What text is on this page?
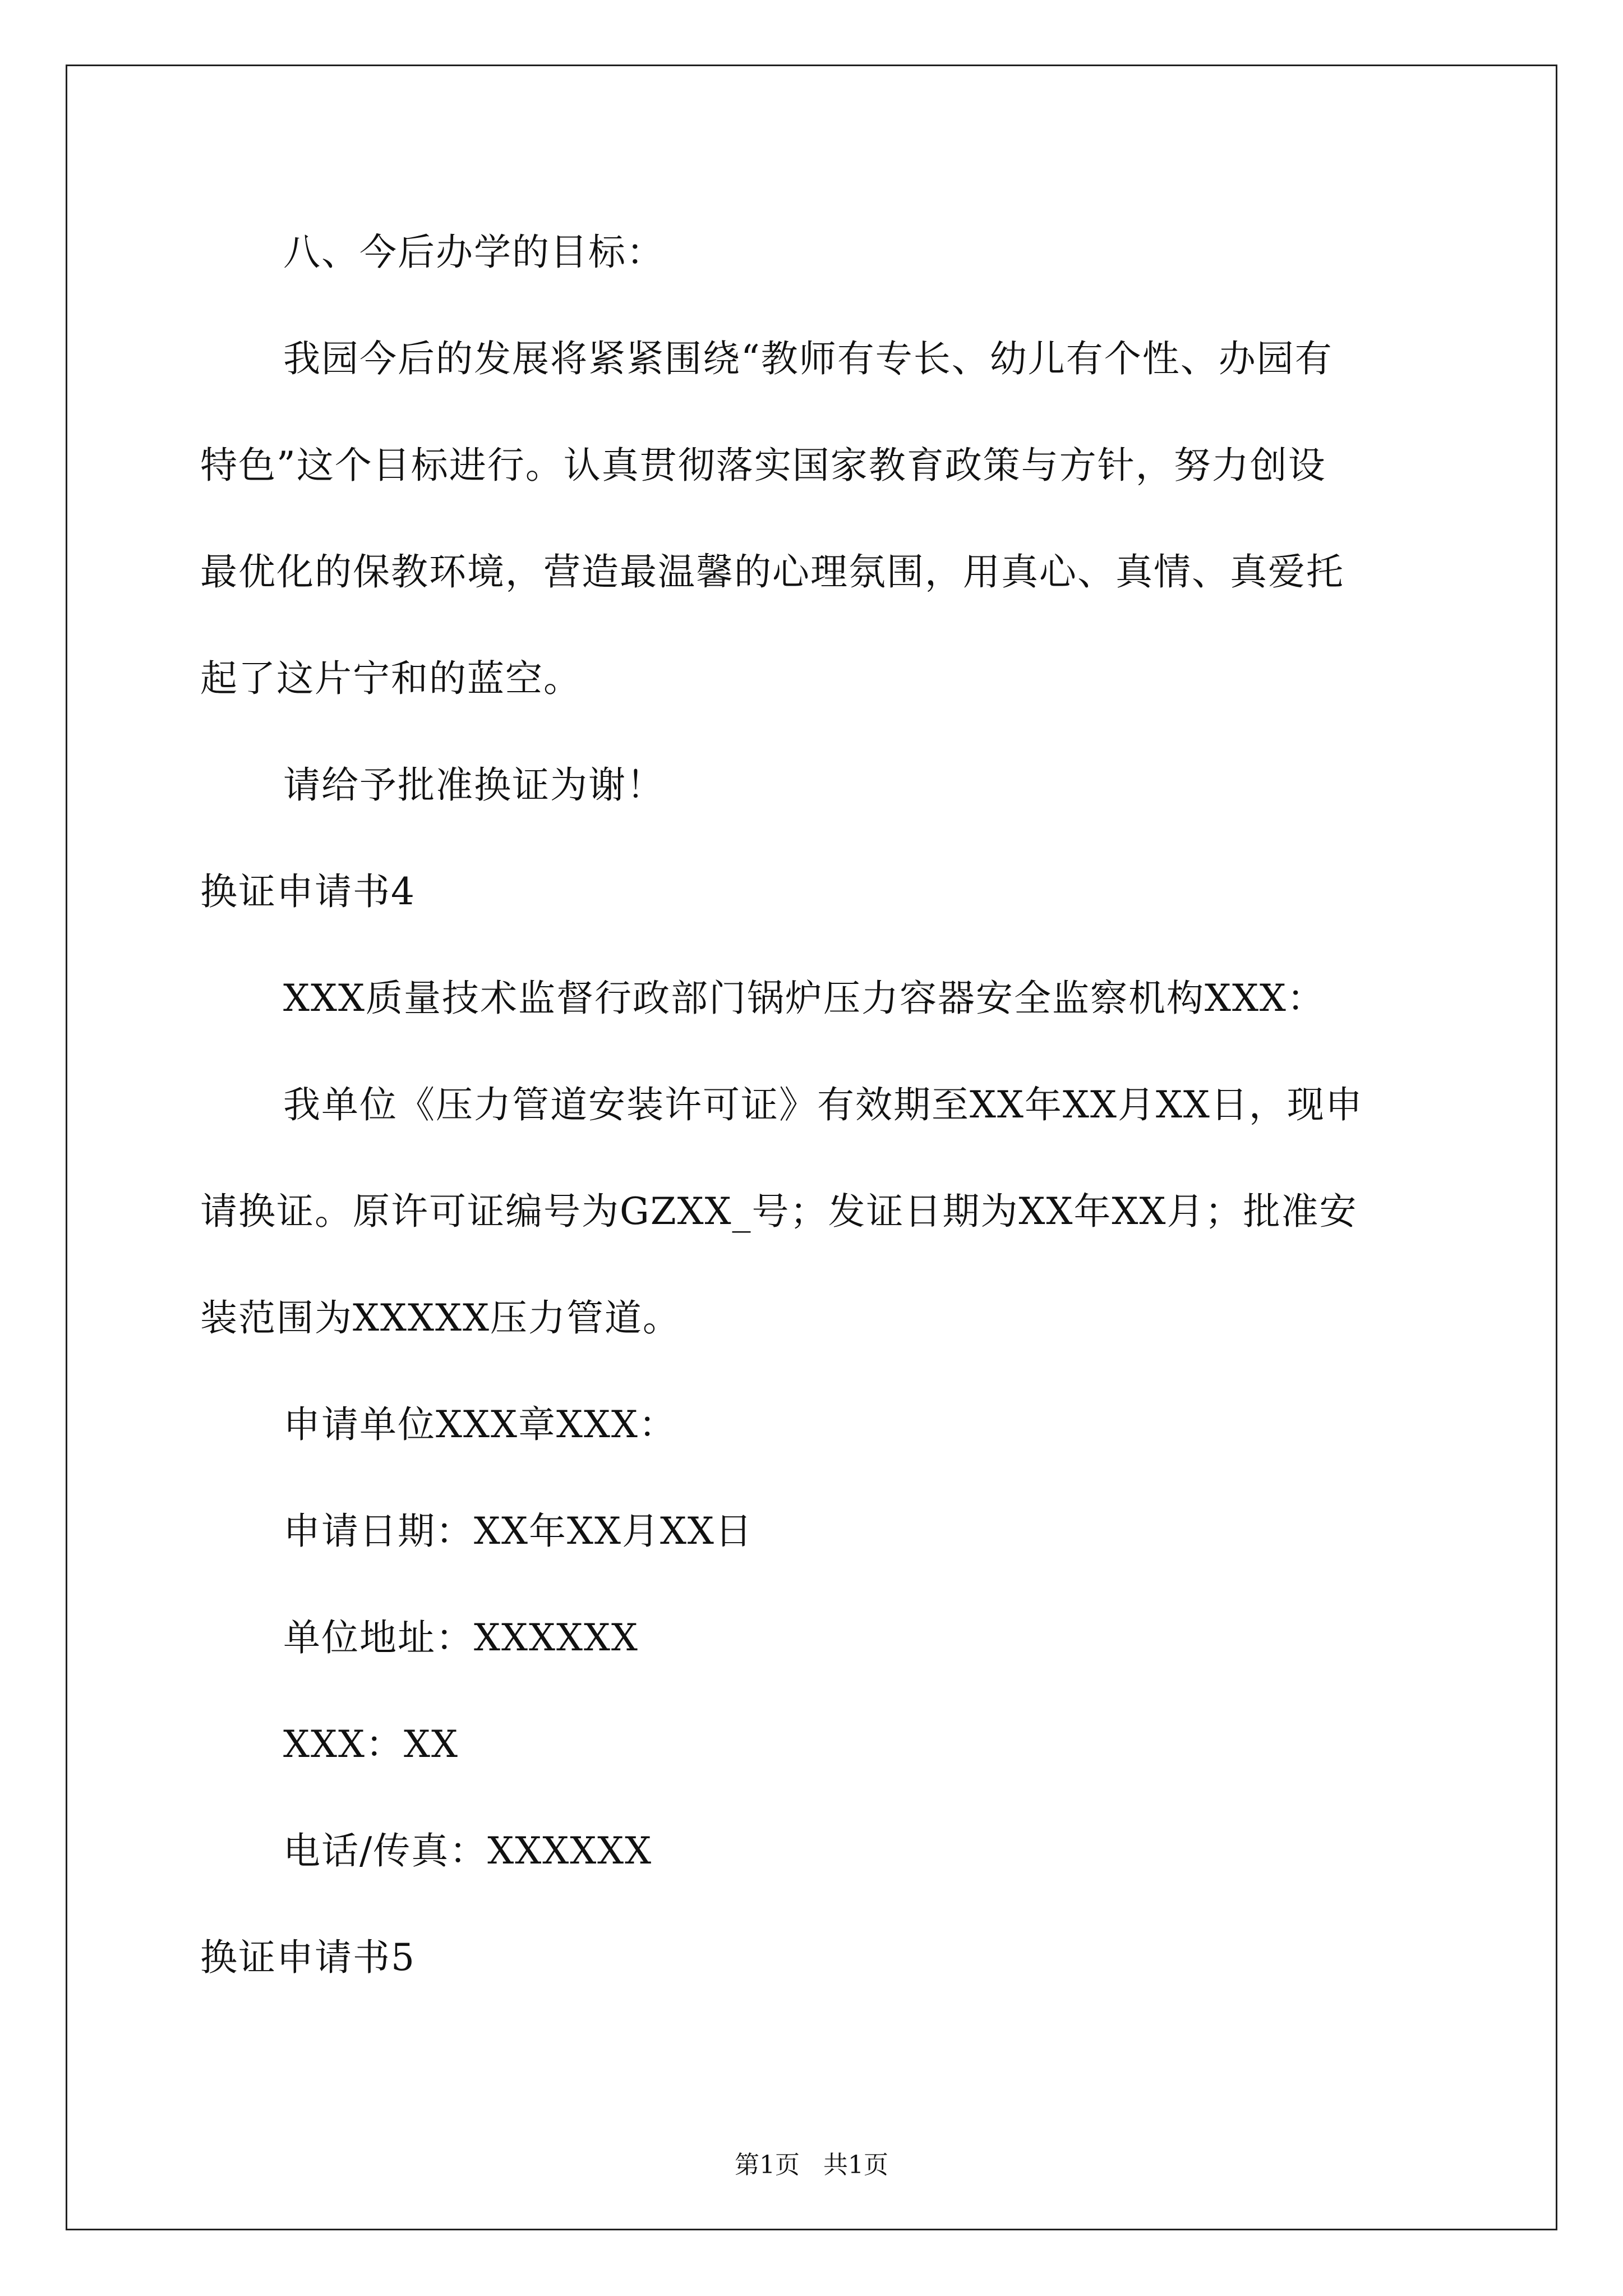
八、今后办学的目标：
我园今后的发展将紧紧围绕“教师有专长、幼儿有个性、办园有
特色”这个目标进行。认真贯彻落实国家教育政策与方针，努力创设
最优化的保教环境，营造最温馨的心理氛围，用真心、真情、真爱托
起了这片宁和的蓝空。
请给予批准换证为谢！
换证申请书4
XXX质量技术监督行政部门锅炉压力容器安全监察机构XXX：
我单位《压力管道安装许可证》有效期至XX年XX月XX日，现申
请换证。原许可证编号为GZXX_号；发证日期为XX年XX月；批准安
装范围为XXXXX压力管道。
申请单位XXX章XXX：
申请日期：XX年XX月XX日
单位地址：XXXXXX
XXX：XX
电话/传真：XXXXXX
换证申请书5
第1页 共1页
